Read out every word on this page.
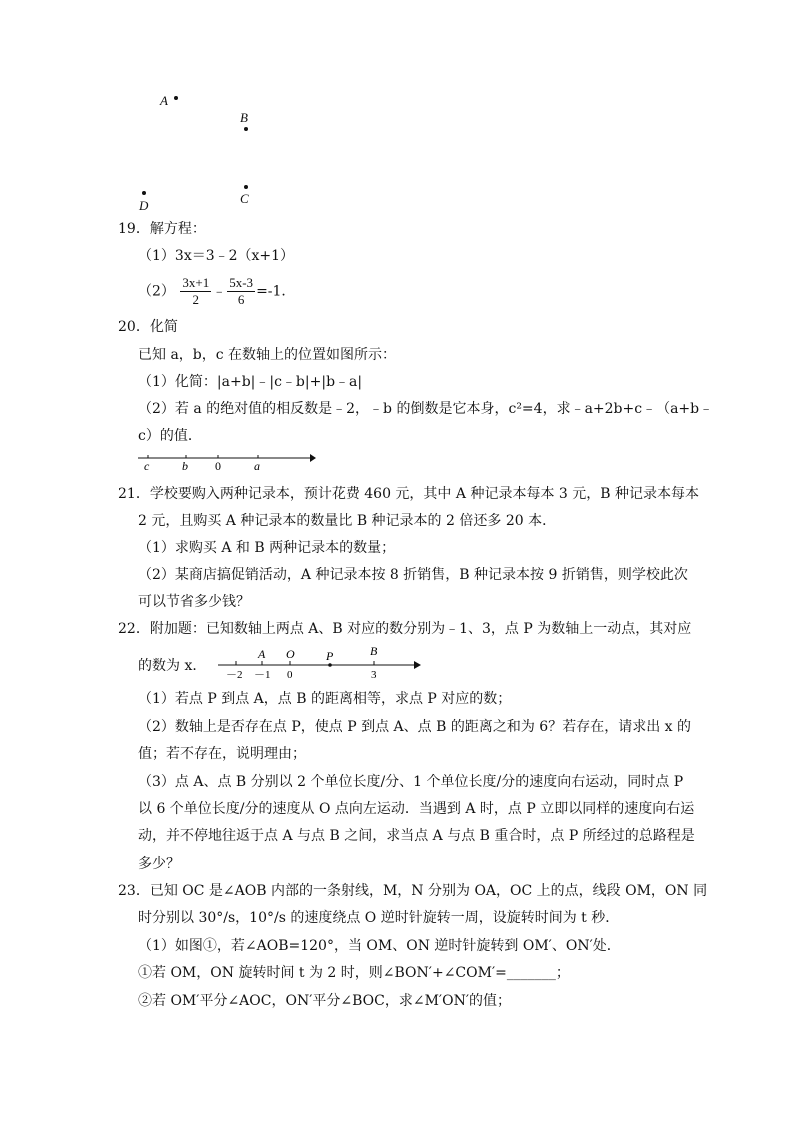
A
B
D	C
19．解方程：
（1）3x＝3﹣2（x+1）
$(2) \frac{3x+1}{2}$ ﹣ $\frac{5x-3}{6} =-1$．
20．化简
已知 a，b，c 在数轴上的位置如图所示：
（1）化简：|a+b|﹣|c﹣b|+|b﹣a|
（2）若 a 的绝对值的相反数是﹣2，﹣b 的倒数是它本身，c²=4，求﹣a+2b+c﹣（a+b﹣
c）的值．
c	b 0	a
21．学校要购入两种记录本，预计花费 460 元，其中 A 种记录本每本 3 元，B 种记录本每本
2 元，且购买 A 种记录本的数量比 B 种记录本的 2 倍还多 20 本．
（1）求购买 A 和 B 两种记录本的数量；
（2）某商店搞促销活动，A 种记录本按 8 折销售，B 种记录本按 9 折销售，则学校此次
可以节省多少钱？
22．附加题：已知数轴上两点 A、B 对应的数分别为﹣1、3，点 P 为数轴上一动点，其对应
的数为 x．
A O	P	B
－2 －1 0	3
（1）若点 P 到点 A，点 B 的距离相等，求点 P 对应的数；
（2）数轴上是否存在点 P，使点 P 到点 A、点 B 的距离之和为 6？若存在，请求出 x 的
值；若不存在，说明理由；
（3）点 A、点 B 分别以 2 个单位长度/分、1 个单位长度/分的速度向右运动，同时点 P
以 6 个单位长度/分的速度从 O 点向左运动．当遇到 A 时，点 P 立即以同样的速度向右运
动，并不停地往返于点 A 与点 B 之间，求当点 A 与点 B 重合时，点 P 所经过的总路程是
多少？
23．已知 OC 是∠AOB 内部的一条射线，M，N 分别为 OA，OC 上的点，线段 OM，ON 同
时分别以 30°/s，10°/s 的速度绕点 O 逆时针旋转一周，设旋转时间为 t 秒．
（1）如图①，若∠AOB=120°，当 OM、ON 逆时针旋转到 OM′、ON′处．
①若 OM，ON 旋转时间 t 为 2 时，则∠BON′+∠COM′=_______；
②若 OM′平分∠AOC，ON′平分∠BOC，求∠M′ON′的值；
